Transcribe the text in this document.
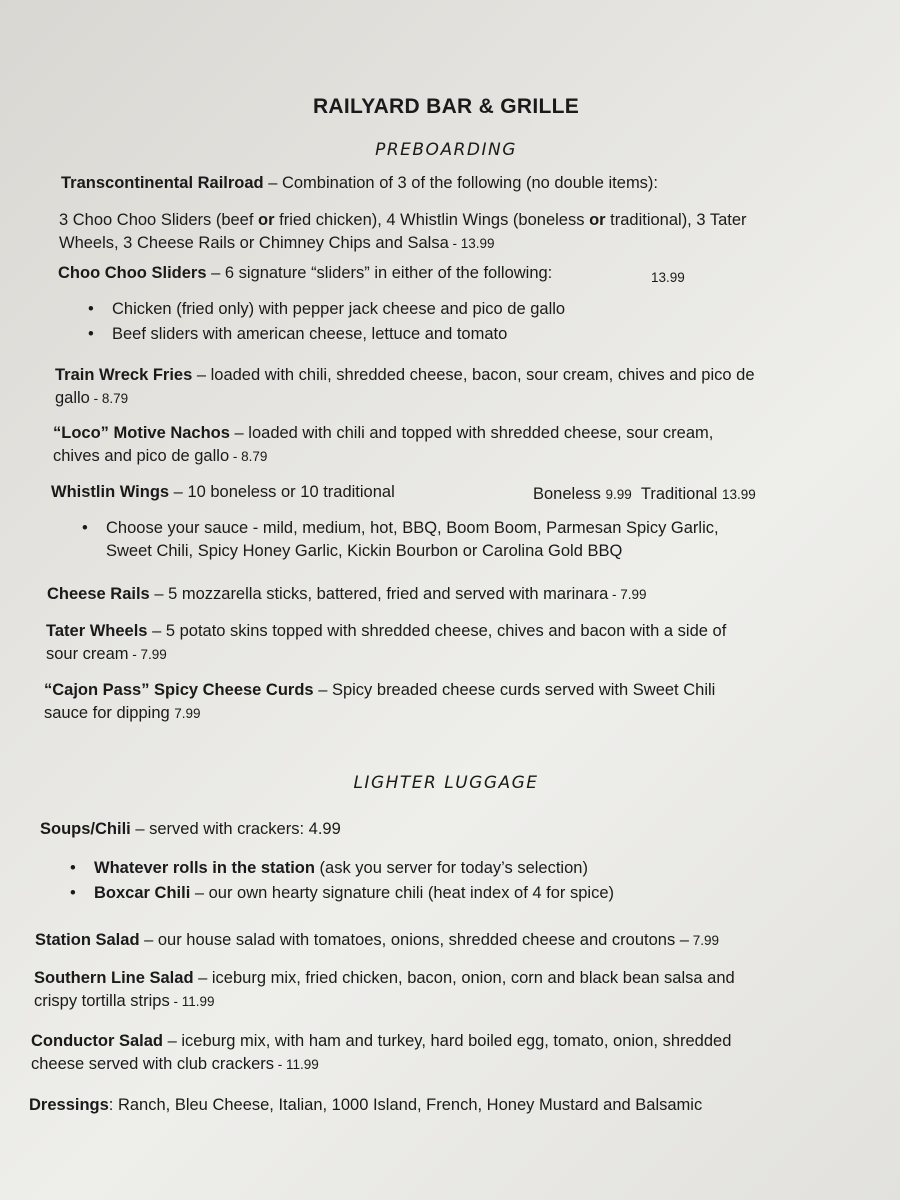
RAILYARD BAR & GRILLE
PREBOARDING
Transcontinental Railroad – Combination of 3 of the following (no double items):
3 Choo Choo Sliders (beef or fried chicken), 4 Whistlin Wings (boneless or traditional), 3 Tater
Wheels, 3 Cheese Rails or Chimney Chips and Salsa - 13.99
Choo Choo Sliders – 6 signature “sliders” in either of the following:	13.99
• Chicken (fried only) with pepper jack cheese and pico de gallo
• Beef sliders with american cheese, lettuce and tomato
Train Wreck Fries – loaded with chili, shredded cheese, bacon, sour cream, chives and pico de
gallo - 8.79
“Loco” Motive Nachos – loaded with chili and topped with shredded cheese, sour cream,
chives and pico de gallo - 8.79
Whistlin Wings – 10 boneless or 10 traditional	Boneless 9.99 Traditional 13.99
• Choose your sauce - mild, medium, hot, BBQ, Boom Boom, Parmesan Spicy Garlic,
Sweet Chili, Spicy Honey Garlic, Kickin Bourbon or Carolina Gold BBQ
Cheese Rails – 5 mozzarella sticks, battered, fried and served with marinara - 7.99
Tater Wheels – 5 potato skins topped with shredded cheese, chives and bacon with a side of
sour cream - 7.99
“Cajon Pass” Spicy Cheese Curds – Spicy breaded cheese curds served with Sweet Chili
sauce for dipping 7.99
LIGHTER LUGGAGE
Soups/Chili – served with crackers: 4.99
• Whatever rolls in the station (ask you server for today’s selection)
• Boxcar Chili – our own hearty signature chili (heat index of 4 for spice)
Station Salad – our house salad with tomatoes, onions, shredded cheese and croutons – 7.99
Southern Line Salad – iceburg mix, fried chicken, bacon, onion, corn and black bean salsa and
crispy tortilla strips - 11.99
Conductor Salad – iceburg mix, with ham and turkey, hard boiled egg, tomato, onion, shredded
cheese served with club crackers - 11.99
Dressings: Ranch, Bleu Cheese, Italian, 1000 Island, French, Honey Mustard and Balsamic
